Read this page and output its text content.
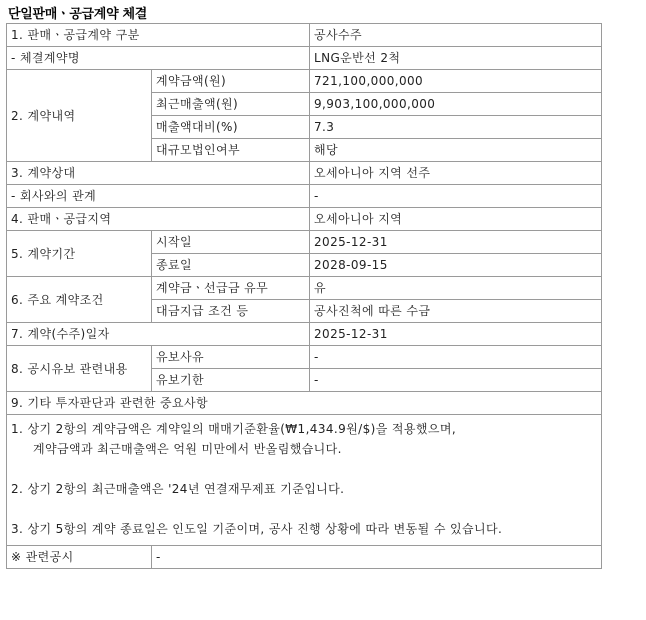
단일판매ㆍ공급계약 체결
1. 판매ㆍ공급계약 구분		공사수주
- 체결계약명		LNG운반선 2척
2. 계약내역	계약금액(원)	721,100,000,000
	최근매출액(원)	9,903,100,000,000
	매출액대비(%)	7.3
	대규모법인여부	해당
3. 계약상대		오세아니아 지역 선주
- 회사와의 관계		-
4. 판매ㆍ공급지역		오세아니아 지역
5. 계약기간	시작일	2025-12-31
	종료일	2028-09-15
6. 주요 계약조건	계약금ㆍ선급금 유무	유
	대금지급 조건 등	공사진척에 따른 수금
7. 계약(수주)일자		2025-12-31
8. 공시유보 관련내용	유보사유	-
	유보기한	-
9. 기타 투자판단과 관련한 중요사항		

1. 상기 2항의 계약금액은 계약일의 매매기준환율(₩1,434.9원/$)을 적용했으며,
계약금액과 최근매출액은 억원 미만에서 반올림했습니다.
2. 상기 2항의 최근매출액은 '24년 연결재무제표 기준입니다.
3. 상기 5항의 계약 종료일은 인도일 기준이며, 공사 진행 상황에 따라 변동될 수 있습니다.		

※ 관련공시	-	
